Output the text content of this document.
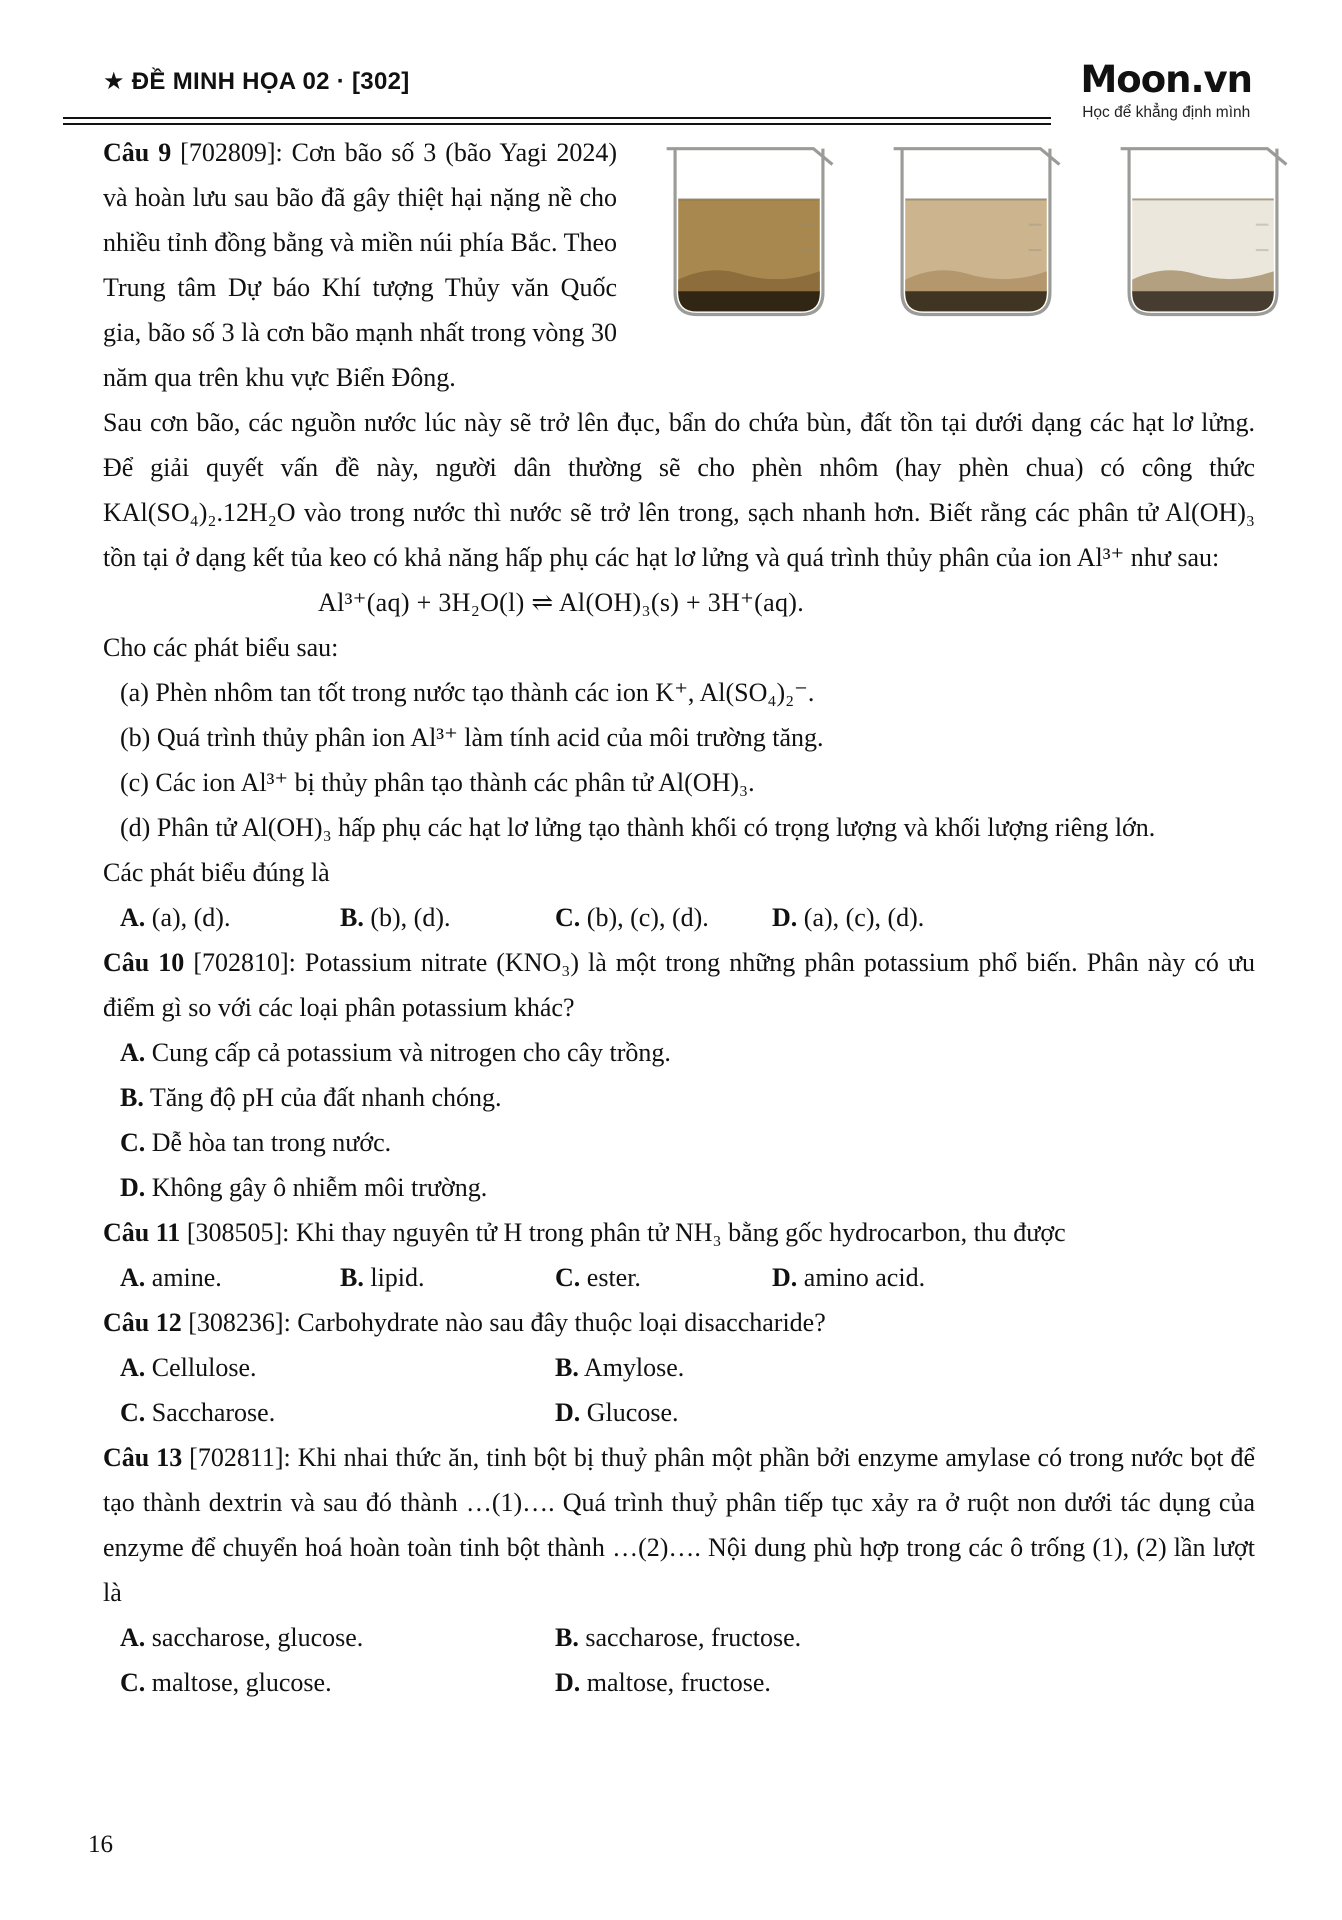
★ ĐỀ MINH HỌA 02 · [302]	Moon.vn
Học để khẳng định mình

Câu 9 [702809]: Cơn bão số 3 (bão Yagi 2024) và hoàn lưu sau bão đã gây thiệt hại nặng nề cho nhiều tỉnh đồng bằng và miền núi phía Bắc. Theo Trung tâm Dự báo Khí tượng Thủy văn Quốc gia, bão số 3 là cơn bão mạnh nhất trong vòng 30 năm qua trên khu vực Biển Đông.

Sau cơn bão, các nguồn nước lúc này sẽ trở lên đục, bẩn do chứa bùn, đất tồn tại dưới dạng các hạt lơ lửng. Để giải quyết vấn đề này, người dân thường sẽ cho phèn nhôm (hay phèn chua) có công thức KAl(SO₄)₂.12H₂O vào trong nước thì nước sẽ trở lên trong, sạch nhanh hơn. Biết rằng các phân tử Al(OH)₃ tồn tại ở dạng kết tủa keo có khả năng hấp phụ các hạt lơ lửng và quá trình thủy phân của ion Al³⁺ như sau:

Al³⁺(aq) + 3H₂O(l) ⇌ Al(OH)₃(s) + 3H⁺(aq).

Cho các phát biểu sau:

(a) Phèn nhôm tan tốt trong nước tạo thành các ion K⁺, Al(SO₄)₂⁻.

(b) Quá trình thủy phân ion Al³⁺ làm tính acid của môi trường tăng.

(c) Các ion Al³⁺ bị thủy phân tạo thành các phân tử Al(OH)₃.

(d) Phân tử Al(OH)₃ hấp phụ các hạt lơ lửng tạo thành khối có trọng lượng và khối lượng riêng lớn.

Các phát biểu đúng là

A. (a), (d).	B. (b), (d).	C. (b), (c), (d).	D. (a), (c), (d).

Câu 10 [702810]: Potassium nitrate (KNO₃) là một trong những phân potassium phổ biến. Phân này có ưu điểm gì so với các loại phân potassium khác?

A. Cung cấp cả potassium và nitrogen cho cây trồng.

B. Tăng độ pH của đất nhanh chóng.

C. Dễ hòa tan trong nước.

D. Không gây ô nhiễm môi trường.

Câu 11 [308505]: Khi thay nguyên tử H trong phân tử NH₃ bằng gốc hydrocarbon, thu được

A. amine.	B. lipid.	C. ester.	D. amino acid.

Câu 12 [308236]: Carbohydrate nào sau đây thuộc loại disaccharide?

A. Cellulose.	B. Amylose.
C. Saccharose.	D. Glucose.

Câu 13 [702811]: Khi nhai thức ăn, tinh bột bị thuỷ phân một phần bởi enzyme amylase có trong nước bọt để tạo thành dextrin và sau đó thành …(1)…. Quá trình thuỷ phân tiếp tục xảy ra ở ruột non dưới tác dụng của enzyme để chuyển hoá hoàn toàn tinh bột thành …(2)…. Nội dung phù hợp trong các ô trống (1), (2) lần lượt là

A. saccharose, glucose.	B. saccharose, fructose.
C. maltose, glucose.	D. maltose, fructose.
16
